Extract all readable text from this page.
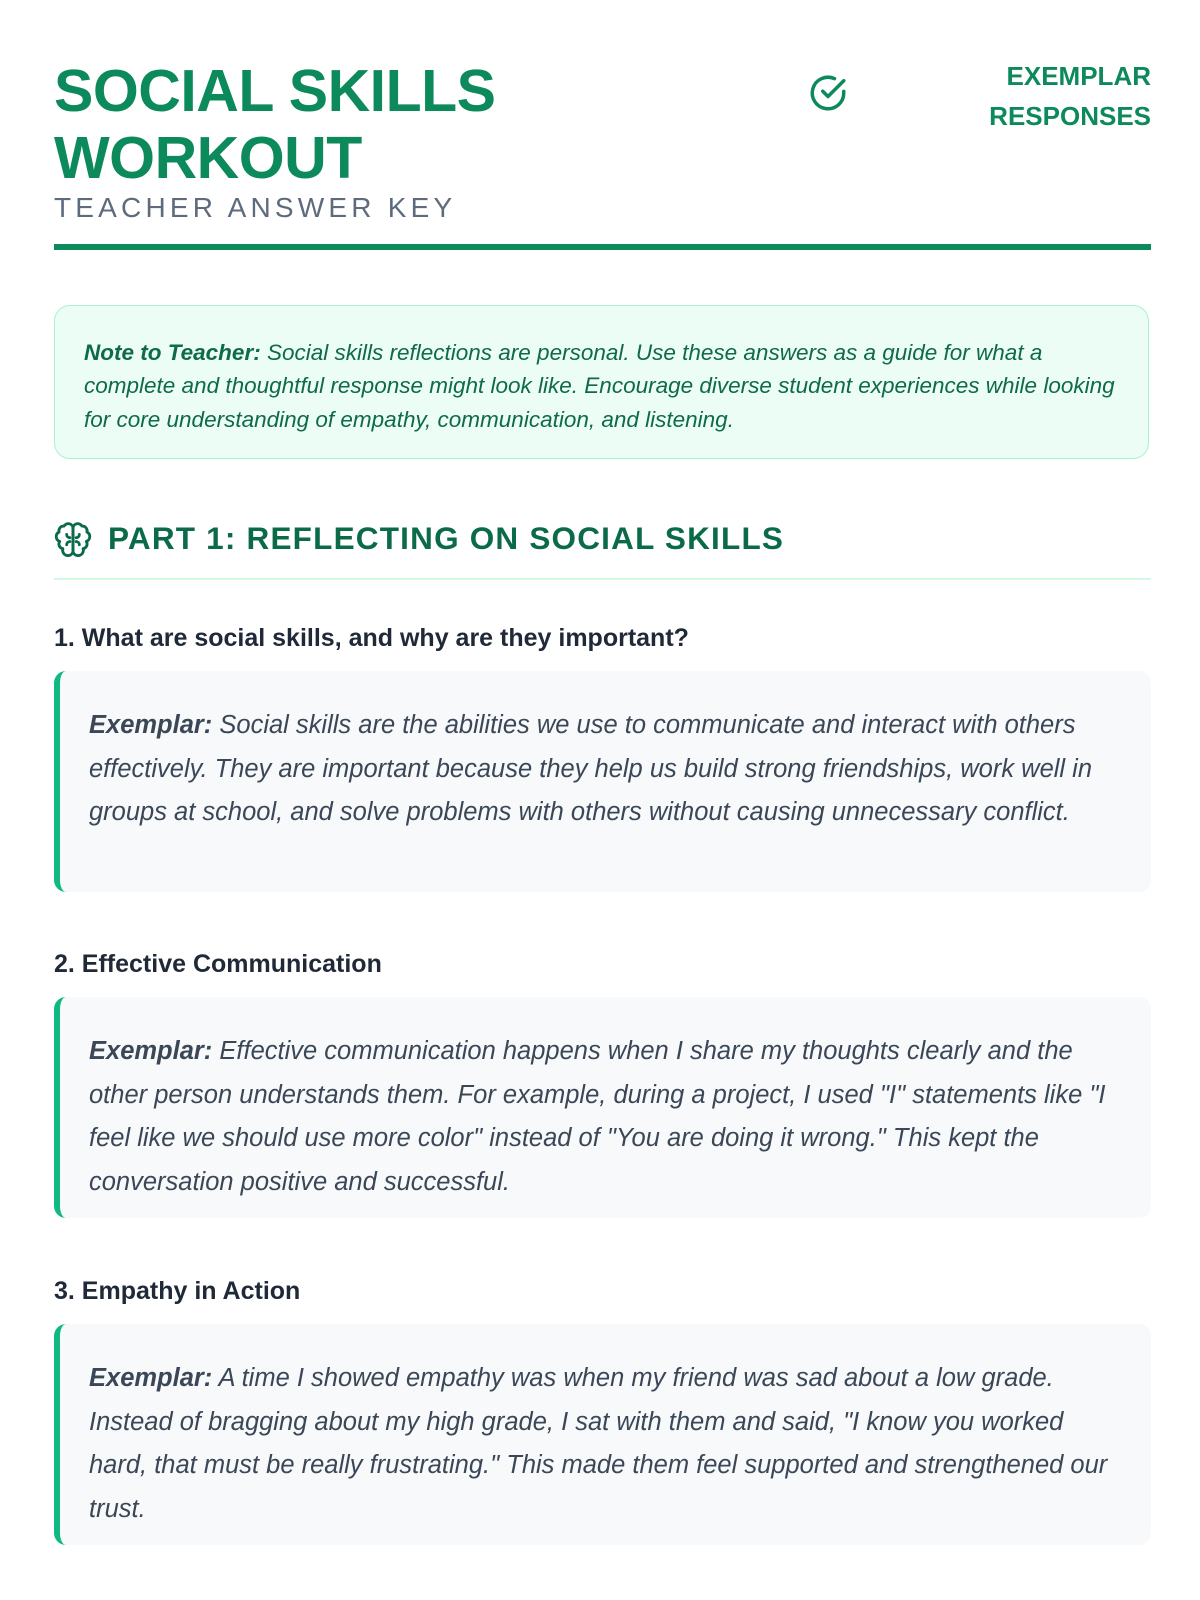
SOCIAL SKILLS
WORKOUT
TEACHER ANSWER KEY
EXEMPLAR
RESPONSES
Note to Teacher: Social skills reflections are personal. Use these answers as a guide for what a complete and thoughtful response might look like. Encourage diverse student experiences while looking for core understanding of empathy, communication, and listening.
PART 1: REFLECTING ON SOCIAL SKILLS
1. What are social skills, and why are they important?
Exemplar: Social skills are the abilities we use to communicate and interact with others effectively. They are important because they help us build strong friendships, work well in groups at school, and solve problems with others without causing unnecessary conflict.
2. Effective Communication
Exemplar: Effective communication happens when I share my thoughts clearly and the other person understands them. For example, during a project, I used "I" statements like "I feel like we should use more color" instead of "You are doing it wrong." This kept the conversation positive and successful.
3. Empathy in Action
Exemplar: A time I showed empathy was when my friend was sad about a low grade. Instead of bragging about my high grade, I sat with them and said, "I know you worked hard, that must be really frustrating." This made them feel supported and strengthened our trust.
